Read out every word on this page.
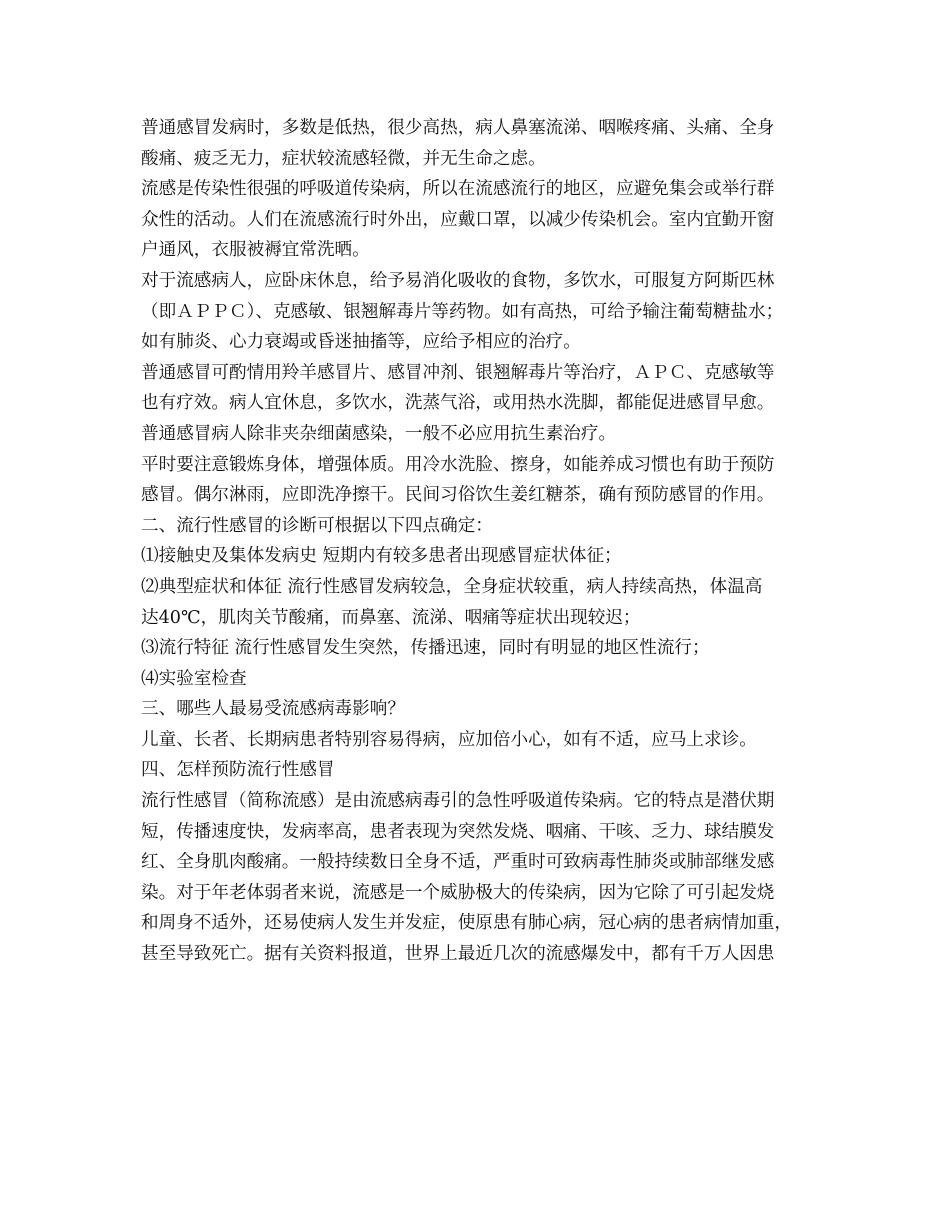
普通感冒发病时，多数是低热，很少高热，病人鼻塞流涕、咽喉疼痛、头痛、全身
酸痛、疲乏无力，症状较流感轻微，并无生命之虑。
流感是传染性很强的呼吸道传染病，所以在流感流行的地区，应避免集会或举行群
众性的活动。人们在流感流行时外出，应戴口罩，以减少传染机会。室内宜勤开窗
户通风，衣服被褥宜常洗晒。
对于流感病人，应卧床休息，给予易消化吸收的食物，多饮水，可服复方阿斯匹林
（即ＡＰＰＣ）、克感敏、银翘解毒片等药物。如有高热，可给予输注葡萄糖盐水；
如有肺炎、心力衰竭或昏迷抽搐等，应给予相应的治疗。
普通感冒可酌情用羚羊感冒片、感冒冲剂、银翘解毒片等治疗，ＡＰＣ、克感敏等
也有疗效。病人宜休息，多饮水，洗蒸气浴，或用热水洗脚，都能促进感冒早愈。
普通感冒病人除非夹杂细菌感染，一般不必应用抗生素治疗。
平时要注意锻炼身体，增强体质。用冷水洗脸、擦身，如能养成习惯也有助于预防
感冒。偶尔淋雨，应即洗净擦干。民间习俗饮生姜红糖茶，确有预防感冒的作用。
二、流行性感冒的诊断可根据以下四点确定：
⑴接触史及集体发病史 短期内有较多患者出现感冒症状体征；
⑵典型症状和体征 流行性感冒发病较急，全身症状较重，病人持续高热，体温高
达40℃，肌肉关节酸痛，而鼻塞、流涕、咽痛等症状出现较迟；
⑶流行特征 流行性感冒发生突然，传播迅速，同时有明显的地区性流行；
⑷实验室检查
三、哪些人最易受流感病毒影响？
儿童、长者、长期病患者特别容易得病，应加倍小心，如有不适，应马上求诊。
四、怎样预防流行性感冒
流行性感冒（简称流感）是由流感病毒引的急性呼吸道传染病。它的特点是潜伏期
短，传播速度快，发病率高，患者表现为突然发烧、咽痛、干咳、乏力、球结膜发
红、全身肌肉酸痛。一般持续数日全身不适，严重时可致病毒性肺炎或肺部继发感
染。对于年老体弱者来说，流感是一个威胁极大的传染病，因为它除了可引起发烧
和周身不适外，还易使病人发生并发症，使原患有肺心病，冠心病的患者病情加重，
甚至导致死亡。据有关资料报道，世界上最近几次的流感爆发中，都有千万人因患
